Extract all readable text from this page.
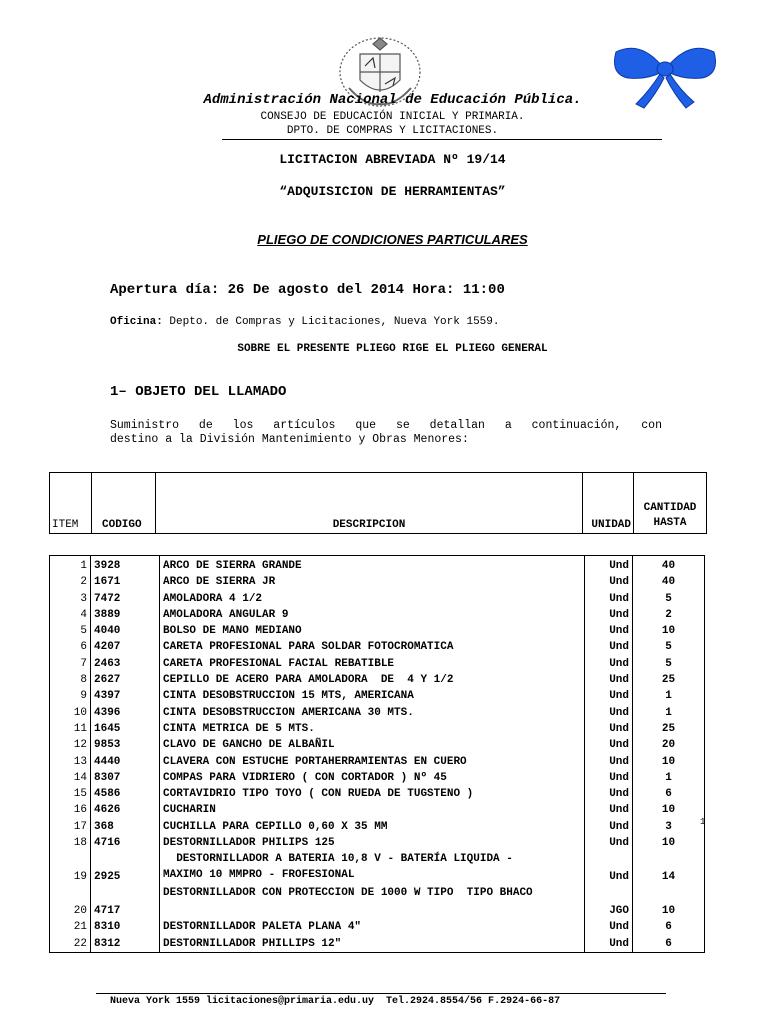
Administración Nacional de Educación Pública.
CONSEJO DE EDUCACIÓN INICIAL Y PRIMARIA.
DPTO. DE COMPRAS Y LICITACIONES.
LICITACION ABREVIADA Nº 19/14
“ADQUISICION DE HERRAMIENTAS”
PLIEGO DE CONDICIONES PARTICULARES
Apertura día: 26 De agosto del 2014 Hora: 11:00
Oficina: Depto. de Compras y Licitaciones, Nueva York 1559.
SOBRE EL PRESENTE PLIEGO RIGE EL PLIEGO GENERAL
1– OBJETO DEL LLAMADO
Suministro de los artículos que se detallan a continuación, con
destino a la División Mantenimiento y Obras Menores:
ITEM	CODIGO	DESCRIPCION	UNIDAD	CANTIDAD
HASTA
1	3928	ARCO DE SIERRA GRANDE	Und	40
2	1671	ARCO DE SIERRA JR	Und	40
3	7472	AMOLADORA 4 1/2	Und	5
4	3889	AMOLADORA ANGULAR 9	Und	2
5	4040	BOLSO DE MANO MEDIANO	Und	10
6	4207	CARETA PROFESIONAL PARA SOLDAR FOTOCROMATICA	Und	5
7	2463	CARETA PROFESIONAL FACIAL REBATIBLE	Und	5
8	2627	CEPILLO DE ACERO PARA AMOLADORA  DE  4 Y 1/2	Und	25
9	4397	CINTA DESOBSTRUCCION 15 MTS, AMERICANA	Und	1
10	4396	CINTA DESOBSTRUCCION AMERICANA 30 MTS.	Und	1
11	1645	CINTA METRICA DE 5 MTS.	Und	25
12	9853	CLAVO DE GANCHO DE ALBAÑIL	Und	20
13	4440	CLAVERA CON ESTUCHE PORTAHERRAMIENTAS EN CUERO	Und	10
14	8307	COMPAS PARA VIDRIERO ( CON CORTADOR ) Nº 45	Und	1
15	4586	CORTAVIDRIO TIPO TOYO ( CON RUEDA DE TUGSTENO )	Und	6
16	4626	CUCHARIN	Und	10
17	368	CUCHILLA PARA CEPILLO 0,60 X 35 MM	Und	3
18	4716	DESTORNILLADOR PHILIPS 125	Und	10
19	2925	DESTORNILLADOR A BATERIA 10,8 V - BATERÍA LIQUIDA -      MAXIMO 10 MMPRO - FROFESIONAL	Und	14
20	4717	DESTORNILLADOR CON PROTECCION DE 1000 W TIPO  TIPO BHACO	JGO	10
21	8310	DESTORNILLADOR PALETA PLANA 4"	Und	6
22	8312	DESTORNILLADOR PHILLIPS 12"	Und	6
1
Nueva York 1559 licitaciones@primaria.edu.uy  Tel.2924.8554/56 F.2924-66-87
